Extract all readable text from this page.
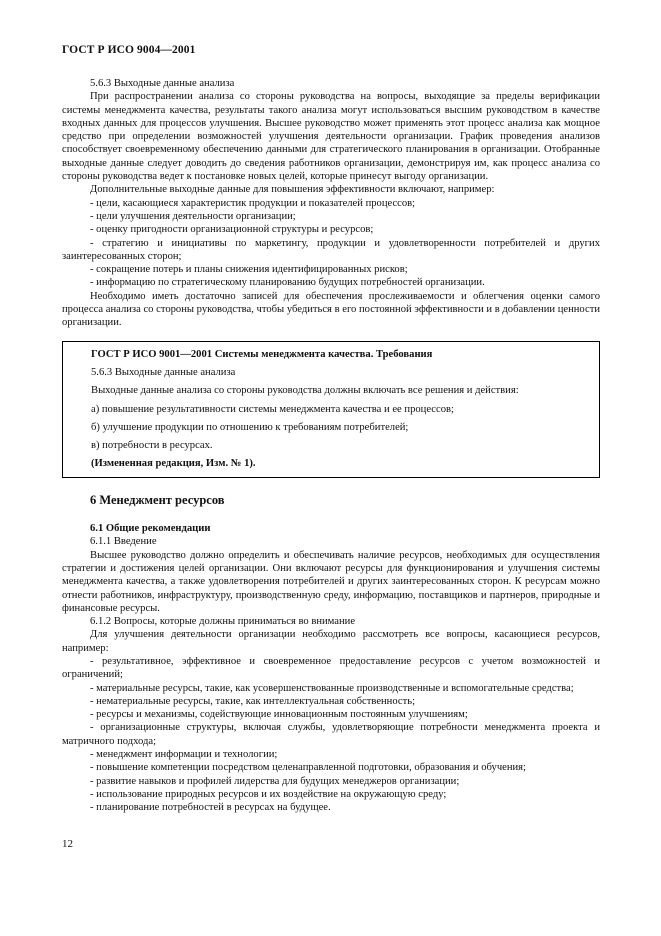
ГОСТ Р ИСО 9004—2001

5.6.3 Выходные данные анализа

При распространении анализа со стороны руководства на вопросы, выходящие за пределы верификации системы менеджмента качества, результаты такого анализа могут использоваться высшим руководством в качестве входных данных для процессов улучшения. Высшее руководство может применять этот процесс анализа как мощное средство при определении возможностей улучшения деятельности организации. График проведения анализов способствует своевременному обеспечению данными для стратегического планирования в организации. Отобранные выходные данные следует доводить до сведения работников организации, демонстрируя им, как процесс анализа со стороны руководства ведет к постановке новых целей, которые принесут выгоду организации.

Дополнительные выходные данные для повышения эффективности включают, например:

- цели, касающиеся характеристик продукции и показателей процессов;

- цели улучшения деятельности организации;

- оценку пригодности организационной структуры и ресурсов;

- стратегию и инициативы по маркетингу, продукции и удовлетворенности потребителей и других заинтересованных сторон;

- сокращение потерь и планы снижения идентифицированных рисков;

- информацию по стратегическому планированию будущих потребностей организации.

Необходимо иметь достаточно записей для обеспечения прослеживаемости и облегчения оценки самого процесса анализа со стороны руководства, чтобы убедиться в его постоянной эффективности и в добавлении ценности организации.

ГОСТ Р ИСО 9001—2001 Системы менеджмента качества. Требования

5.6.3 Выходные данные анализа

Выходные данные анализа со стороны руководства должны включать все решения и действия:

а) повышение результативности системы менеджмента качества и ее процессов;

б) улучшение продукции по отношению к требованиям потребителей;

в) потребности в ресурсах.

(Измененная редакция, Изм. № 1).

6 Менеджмент ресурсов

6.1 Общие рекомендации

6.1.1 Введение

Высшее руководство должно определить и обеспечивать наличие ресурсов, необходимых для осуществления стратегии и достижения целей организации. Они включают ресурсы для функционирования и улучшения системы менеджмента качества, а также удовлетворения потребителей и других заинтересованных сторон. К ресурсам можно отнести работников, инфраструктуру, производственную среду, информацию, поставщиков и партнеров, природные и финансовые ресурсы.

6.1.2 Вопросы, которые должны приниматься во внимание

Для улучшения деятельности организации необходимо рассмотреть все вопросы, касающиеся ресурсов, например:

- результативное, эффективное и своевременное предоставление ресурсов с учетом возможностей и ограничений;

- материальные ресурсы, такие, как усовершенствованные производственные и вспомогательные средства;

- нематериальные ресурсы, такие, как интеллектуальная собственность;

- ресурсы и механизмы, содействующие инновационным постоянным улучшениям;

- организационные структуры, включая службы, удовлетворяющие потребности менеджмента проекта и матричного подхода;

- менеджмент информации и технологии;

- повышение компетенции посредством целенаправленной подготовки, образования и обучения;

- развитие навыков и профилей лидерства для будущих менеджеров организации;

- использование природных ресурсов и их воздействие на окружающую среду;

- планирование потребностей в ресурсах на будущее.

12
